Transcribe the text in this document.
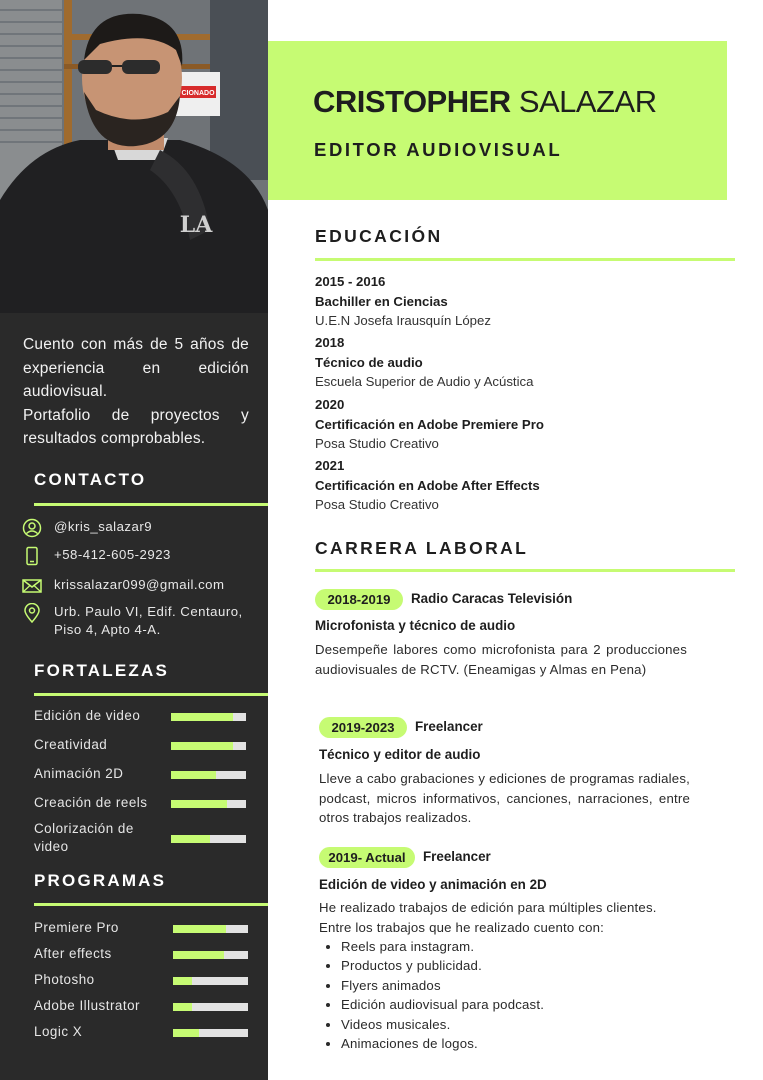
CIONADO
LA

Cuento con más de 5 años de experiencia en edición audiovisual.

Portafolio de proyectos y resultados comprobables.

CONTACTO
@kris_salazar9
+58-412-605-2923
krissalazar099@gmail.com
Urb. Paulo VI, Edif. Centauro, Piso 4, Apto 4-A.
FORTALEZAS
Edición de video
Creatividad
Animación 2D
Creación de reels
Colorización de video
PROGRAMAS
Premiere Pro
After effects
Photosho
Adobe Illustrator
Logic X
CRISTOPHER SALAZAR
EDITOR AUDIOVISUAL
EDUCACIÓN
2015 - 2016
Bachiller en Ciencias
U.E.N Josefa Irausquín López
2018
Técnico de audio
Escuela Superior de Audio y Acústica
2020
Certificación en Adobe Premiere Pro
Posa Studio Creativo
2021
Certificación en Adobe After Effects
Posa Studio Creativo
CARRERA LABORAL
2018-2019	Radio Caracas Televisión
Microfonista y técnico de audio
Desempeñe labores como microfonista para 2 producciones audiovisuales de RCTV. (Eneamigas y Almas en Pena)
2019-2023	Freelancer
Técnico y editor de audio
Lleve a cabo grabaciones y ediciones de programas radiales, podcast, micros informativos, canciones, narraciones, entre otros trabajos realizados.
2019- Actual	Freelancer
Edición de video y animación en 2D

He realizado trabajos de edición para múltiples clientes. Entre los trabajos que he realizado cuento con:

• Reels para instagram.
• Productos y publicidad.
• Flyers animados
• Edición audiovisual para podcast.
• Videos musicales.
• Animaciones de logos.
